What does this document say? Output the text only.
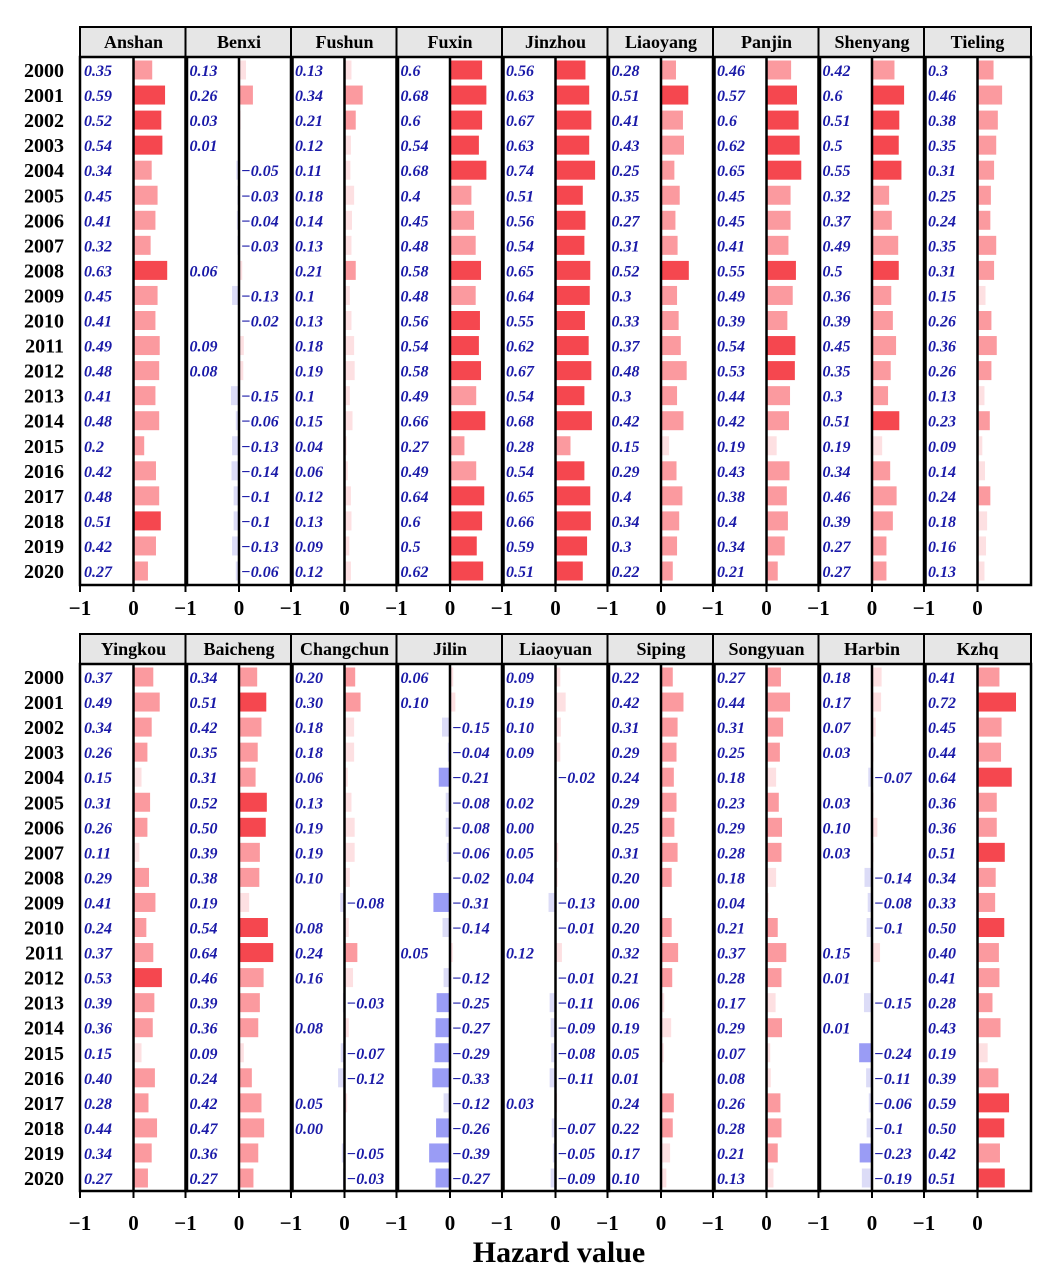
2000
2001
2002
2003
2004
2005
2006
2007
2008
2009
2010
2011
2012
2013
2014
2015
2016
2017
2018
2019
2020
Anshan
0.35
0.59
0.52
0.54
0.34
0.45
0.41
0.32
0.63
0.45
0.41
0.49
0.48
0.41
0.48
0.2
0.42
0.48
0.51
0.42
0.27
−1 0
Benxi
0.13
0.26
0.03
0.01
−0.05
−0.03
−0.04
−0.03
0.06
−0.13
−0.02
0.09
0.08
−0.15
−0.06
−0.13
−0.14
−0.1
−0.1
−0.13
−0.06
−1 0
Fushun
0.13
0.34
0.21
0.12
0.11
0.18
0.14
0.13
0.21
0.1
0.13
0.18
0.19
0.1
0.15
0.04
0.06
0.12
0.13
0.09
0.12
−1 0
Fuxin
0.6
0.68
0.6
0.54
0.68
0.4
0.45
0.48
0.58
0.48
0.56
0.54
0.58
0.49
0.66
0.27
0.49
0.64
0.6
0.5
0.62
−1 0
Jinzhou
0.56
0.63
0.67
0.63
0.74
0.51
0.56
0.54
0.65
0.64
0.55
0.62
0.67
0.54
0.68
0.28
0.54
0.65
0.66
0.59
0.51
−1 0
Liaoyang
0.28
0.51
0.41
0.43
0.25
0.35
0.27
0.31
0.52
0.3
0.33
0.37
0.48
0.3
0.42
0.15
0.29
0.4
0.34
0.3
0.22
−1 0
Panjin
0.46
0.57
0.6
0.62
0.65
0.45
0.45
0.41
0.55
0.49
0.39
0.54
0.53
0.44
0.42
0.19
0.43
0.38
0.4
0.34
0.21
−1 0
Shenyang
0.42
0.6
0.51
0.5
0.55
0.32
0.37
0.49
0.5
0.36
0.39
0.45
0.35
0.3
0.51
0.19
0.34
0.46
0.39
0.27
0.27
−1 0
Tieling
0.3
0.46
0.38
0.35
0.31
0.25
0.24
0.35
0.31
0.15
0.26
0.36
0.26
0.13
0.23
0.09
0.14
0.24
0.18
0.16
0.13
−1 0
2000
2001
2002
2003
2004
2005
2006
2007
2008
2009
2010
2011
2012
2013
2014
2015
2016
2017
2018
2019
2020
Yingkou
0.37
0.49
0.34
0.26
0.15
0.31
0.26
0.11
0.29
0.41
0.24
0.37
0.53
0.39
0.36
0.15
0.40
0.28
0.44
0.34
0.27
−1 0
Baicheng
0.34
0.51
0.42
0.35
0.31
0.52
0.50
0.39
0.38
0.19
0.54
0.64
0.46
0.39
0.36
0.09
0.24
0.42
0.47
0.36
0.27
−1 0
Changchun
0.20
0.30
0.18
0.18
0.06
0.13
0.19
0.19
0.10
−0.08
0.08
0.24
0.16
−0.03
0.08
−0.07
−0.12
0.05
0.00
−0.05
−0.03
−1 0
Jilin
0.06
0.10
−0.15
−0.04
−0.21
−0.08
−0.08
−0.06
−0.02
−0.31
−0.14
0.05
−0.12
−0.25
−0.27
−0.29
−0.33
−0.12
−0.26
−0.39
−0.27
−1 0
Liaoyuan
0.09
0.19
0.10
0.09
−0.02
0.02
0.00
0.05
0.04
−0.13
−0.01
0.12
−0.01
−0.11
−0.09
−0.08
−0.11
0.03
−0.07
−0.05
−0.09
−1 0
Siping
0.22
0.42
0.31
0.29
0.24
0.29
0.25
0.31
0.20
0.00
0.20
0.32
0.21
0.06
0.19
0.05
0.01
0.24
0.22
0.17
0.10
−1 0
Songyuan
0.27
0.44
0.31
0.25
0.18
0.23
0.29
0.28
0.18
0.04
0.21
0.37
0.28
0.17
0.29
0.07
0.08
0.26
0.28
0.21
0.13
−1 0
Harbin
0.18
0.17
0.07
0.03
−0.07
0.03
0.10
0.03
−0.14
−0.08
−0.1
0.15
0.01
−0.15
0.01
−0.24
−0.11
−0.06
−0.1
−0.23
−0.19
−1 0
Kzhq
0.41
0.72
0.45
0.44
0.64
0.36
0.36
0.51
0.34
0.33
0.50
0.40
0.41
0.28
0.43
0.19
0.39
0.59
0.50
0.42
0.51
−1 0
Hazard value
